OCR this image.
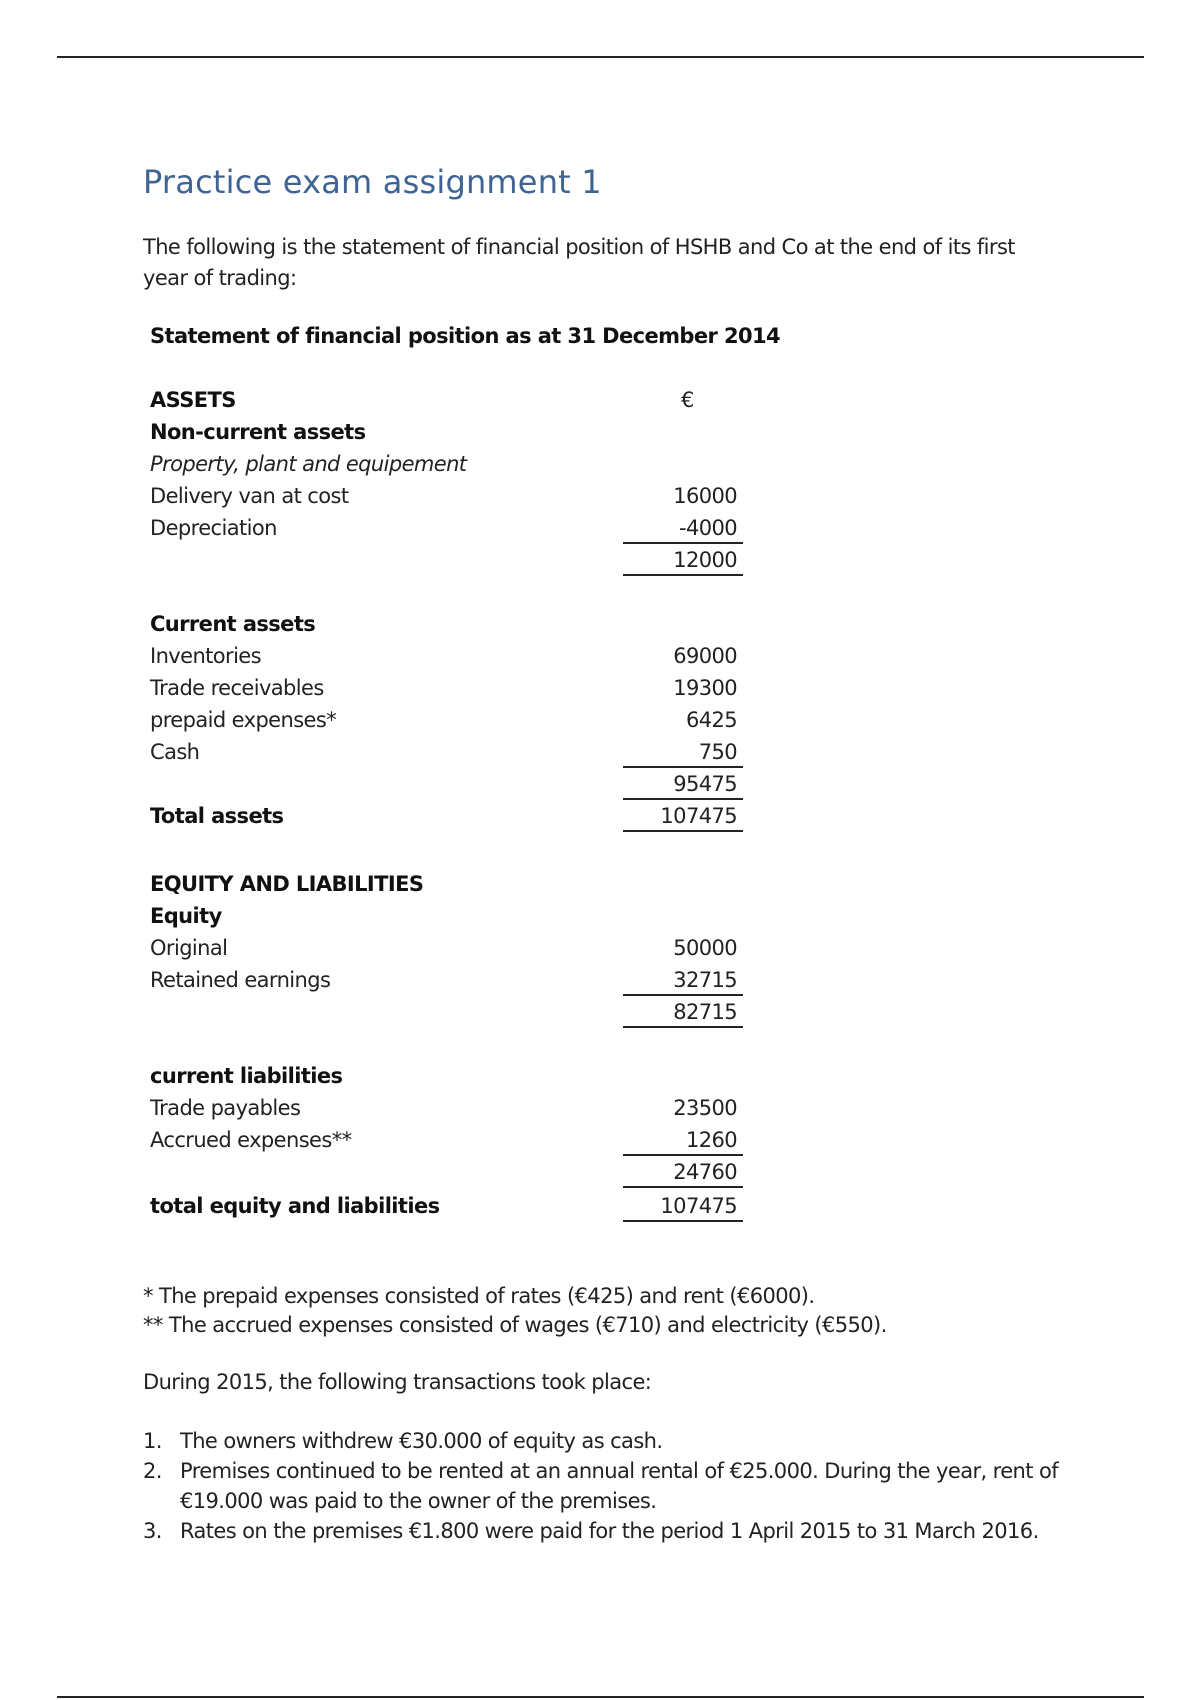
Practice exam assignment 1

The following is the statement of financial position of HSHB and Co at the end of its first year of trading:

Statement of financial position as at 31 December 2014

ASSETS	€
Non-current assets
Property, plant and equipement
Delivery van at cost	16000
Depreciation	-4000
12000
Current assets
Inventories	69000
Trade receivables	19300
prepaid expenses*	6425
Cash	750
95475
Total assets	107475
EQUITY AND LIABILITIES
Equity
Original	50000
Retained earnings	32715
82715
current liabilities
Trade payables	23500
Accrued expenses**	1260
24760
total equity and liabilities	107475
* The prepaid expenses consisted of rates (€425) and rent (€6000).
** The accrued expenses consisted of wages (€710) and electricity (€550).

During 2015, the following transactions took place:

1. The owners withdrew €30.000 of equity as cash.
2. Premises continued to be rented at an annual rental of €25.000. During the year, rent of €19.000 was paid to the owner of the premises.
3. Rates on the premises €1.800 were paid for the period 1 April 2015 to 31 March 2016.
